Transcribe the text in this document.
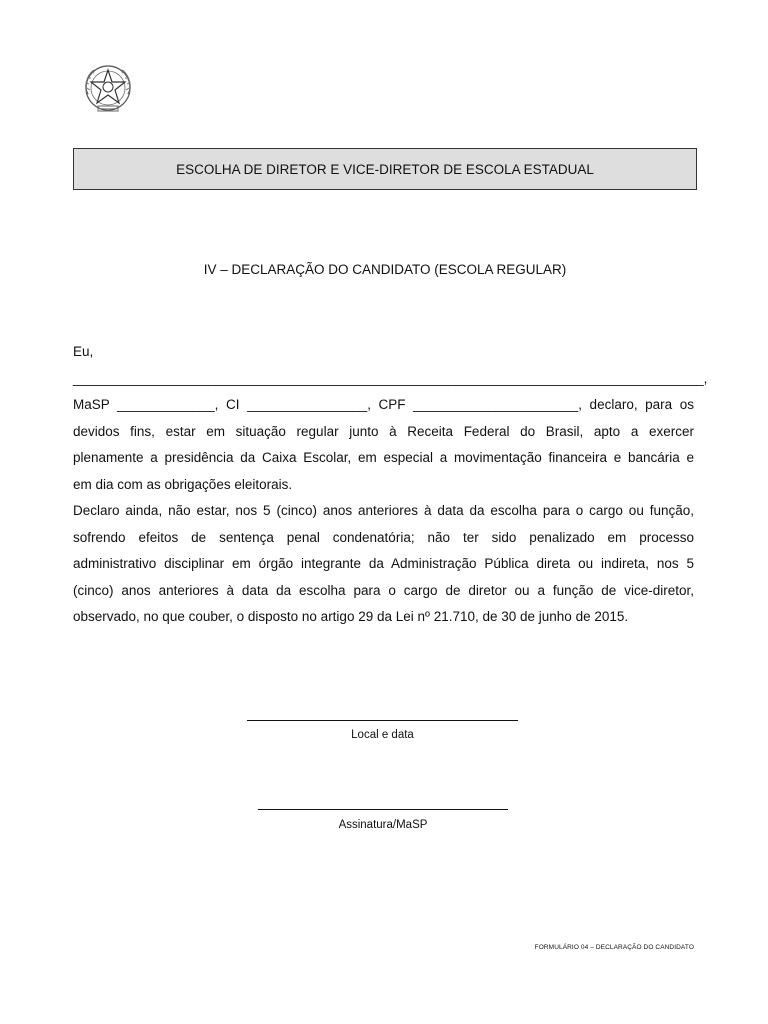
ESCOLHA DE DIRETOR E VICE-DIRETOR DE ESCOLA ESTADUAL
IV – DECLARAÇÃO DO CANDIDATO (ESCOLA REGULAR)
Eu, ____________________________________________________________________________________,
MaSP _____________, CI ________________, CPF ______________________, declaro, para os
devidos fins, estar em situação regular junto à Receita Federal do Brasil, apto a exercer
plenamente a presidência da Caixa Escolar, em especial a movimentação financeira e bancária e
em dia com as obrigações eleitorais.
Declaro ainda, não estar, nos 5 (cinco) anos anteriores à data da escolha para o cargo ou função,
sofrendo efeitos de sentença penal condenatória; não ter sido penalizado em processo
administrativo disciplinar em órgão integrante da Administração Pública direta ou indireta, nos 5
(cinco) anos anteriores à data da escolha para o cargo de diretor ou a função de vice-diretor,
observado, no que couber, o disposto no artigo 29 da Lei nº 21.710, de 30 de junho de 2015.
Local e data
Assinatura/MaSP
FORMULÁRIO 04 – DECLARAÇÃO DO CANDIDATO
